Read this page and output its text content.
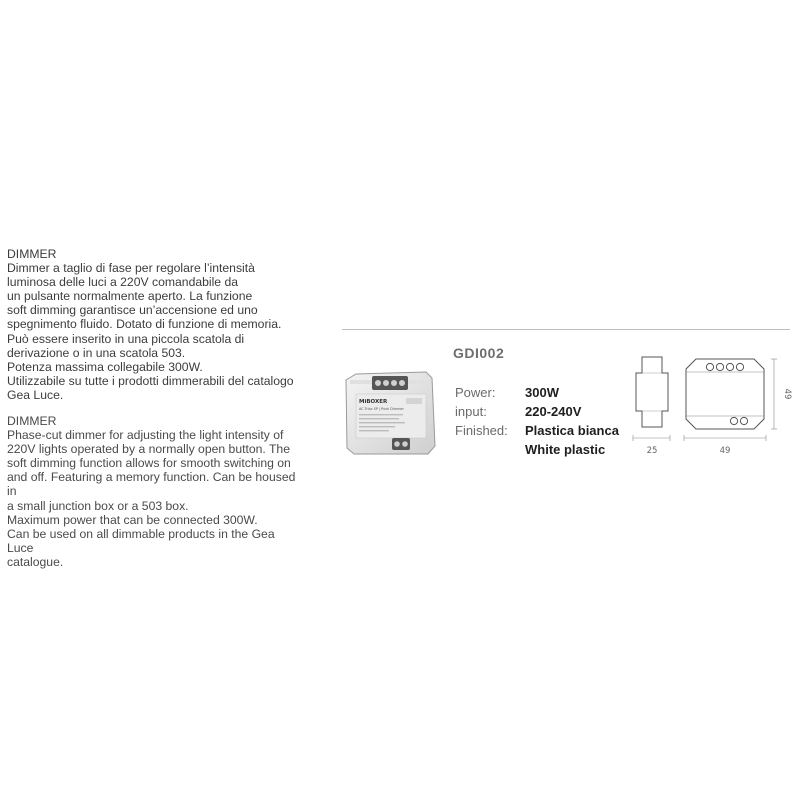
DIMMER
Dimmer a taglio di fase per regolare l’intensità
luminosa delle luci a 220V comandabile da
un pulsante normalmente aperto. La funzione
soft dimming garantisce un’accensione ed uno
spegnimento fluido. Dotato di funzione di memoria.
Può essere inserito in una piccola scatola di
derivazione o in una scatola 503.
Potenza massima collegabile 300W.
Utilizzabile su tutte i prodotti dimmerabili del catalogo
Gea Luce.
DIMMER
Phase-cut dimmer for adjusting the light intensity of
220V lights operated by a normally open button. The
soft dimming function allows for smooth switching on
and off. Featuring a memory function. Can be housed in
a small junction box or a 503 box.
Maximum power that can be connected 300W.
Can be used on all dimmable products in the Gea Luce
catalogue.
GDI002
MiBOXER
AC Triac SP | Push Dimmer
Power: 300W
input:	220-240V
Finished: Plastica bianca
White plastic	25	49
49
